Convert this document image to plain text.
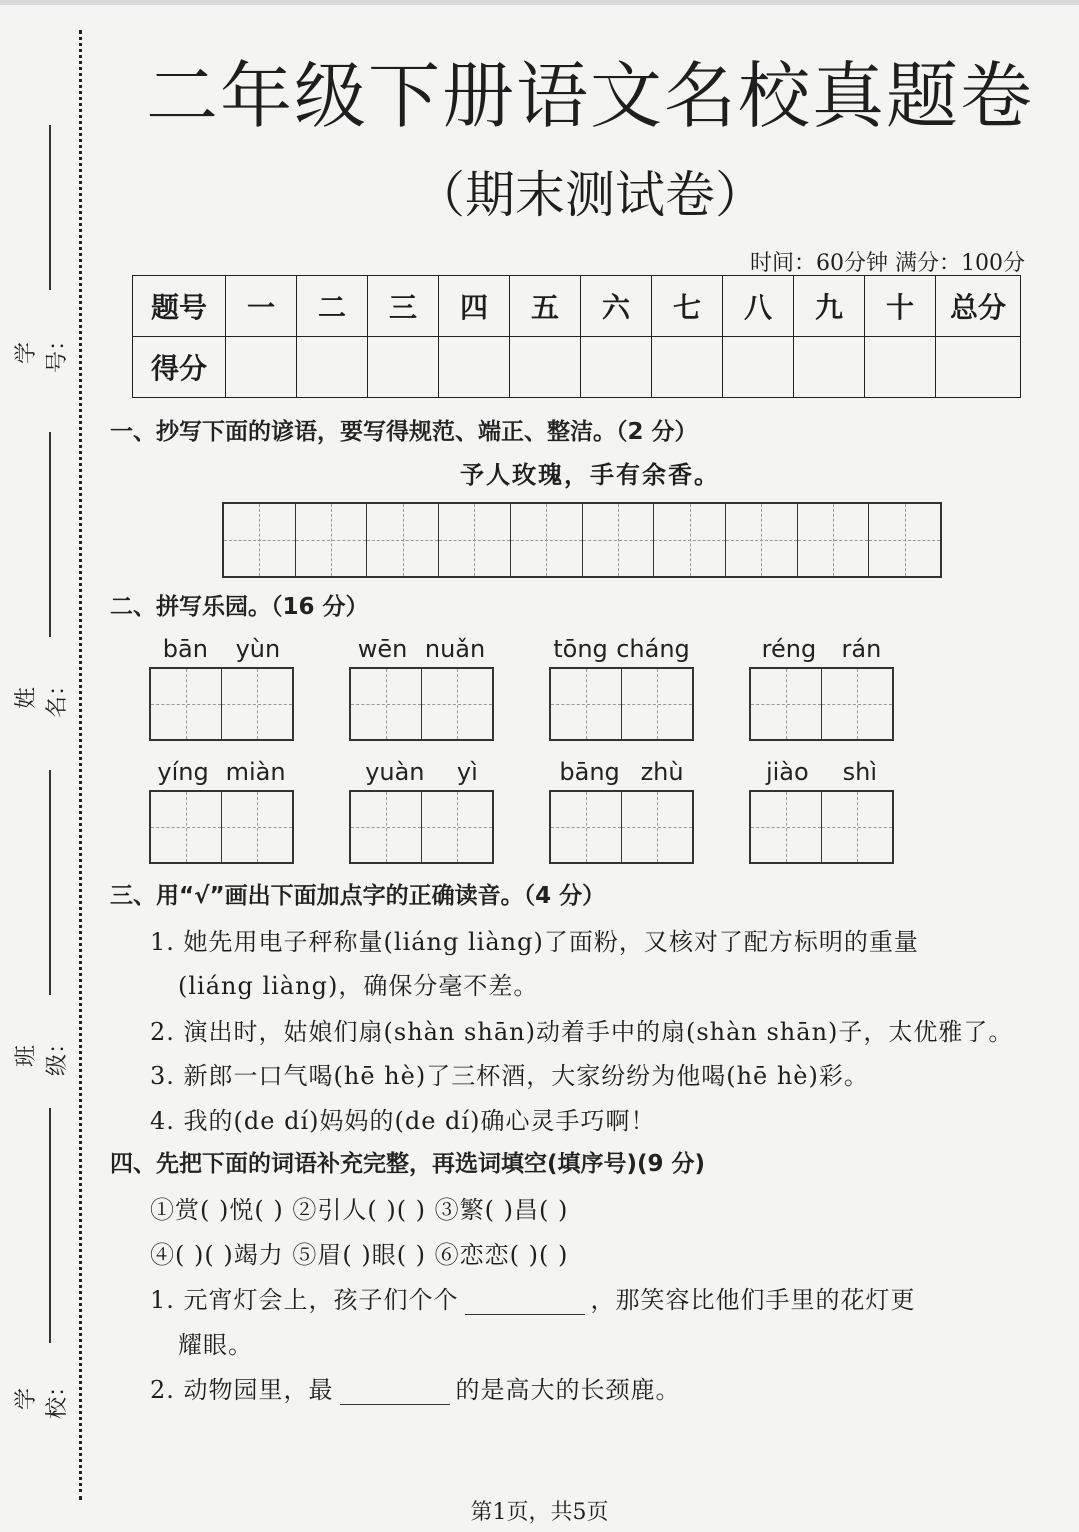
学号：
姓名：
班级：
学校：
二年级下册语文名校真题卷
（期末测试卷）
时间：60分钟 满分：100分
题号	一	二	三	四	五	六	七	八	九	十	总分
得分											
一、抄写下面的谚语，要写得规范、端正、整洁。（2 分）
予人玫瑰，手有余香。
二、拼写乐园。（16 分）
bān yùn	wēn nuǎn	tōng cháng	réng rán
yíng miàn	yuàn yì	bāng zhù	jiào shì
三、用“√”画出下面加点字的正确读音。（4 分）
1. 她先用电子秤称量(liáng liàng)了面粉，又核对了配方标明的重量
(liáng liàng)，确保分毫不差。
2. 演出时，姑娘们扇(shàn shān)动着手中的扇(shàn shān)子，太优雅了。
3. 新郎一口气喝(hē hè)了三杯酒，大家纷纷为他喝(hē hè)彩。
4. 我的(de dí)妈妈的(de dí)确心灵手巧啊！
四、先把下面的词语补充完整，再选词填空(填序号)(9 分)
①赏( )悦( ) ②引人( )( ) ③繁( )昌( )
④( )( )竭力 ⑤眉( )眼( ) ⑥恋恋( )( )
1. 元宵灯会上，孩子们个个	，那笑容比他们手里的花灯更
耀眼。
2. 动物园里，最	的是高大的长颈鹿。
第1页，共5页
